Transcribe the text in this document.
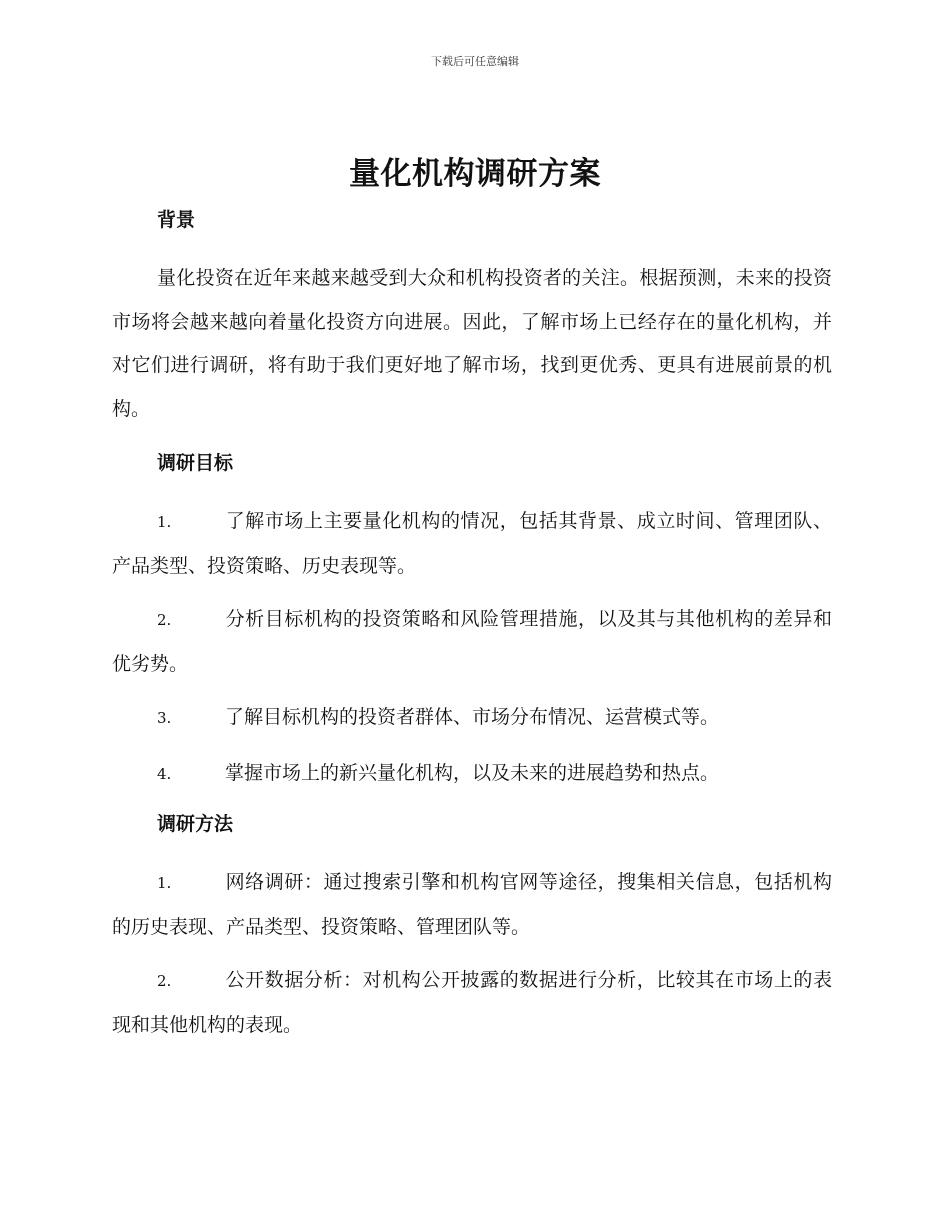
下载后可任意编辑
量化机构调研方案
背景

量化投资在近年来越来越受到大众和机构投资者的关注。根据预测，未来的投资市场将会越来越向着量化投资方向进展。因此，了解市场上已经存在的量化机构，并对它们进行调研，将有助于我们更好地了解市场，找到更优秀、更具有进展前景的机构。

调研目标
1.	了解市场上主要量化机构的情况，包括其背景、成立时间、管理团队、产品类型、投资策略、历史表现等。
2.	分析目标机构的投资策略和风险管理措施，以及其与其他机构的差异和优劣势。
3.	了解目标机构的投资者群体、市场分布情况、运营模式等。
4.	掌握市场上的新兴量化机构，以及未来的进展趋势和热点。
调研方法
1.	网络调研：通过搜索引擎和机构官网等途径，搜集相关信息，包括机构的历史表现、产品类型、投资策略、管理团队等。
2.	公开数据分析：对机构公开披露的数据进行分析，比较其在市场上的表现和其他机构的表现。
